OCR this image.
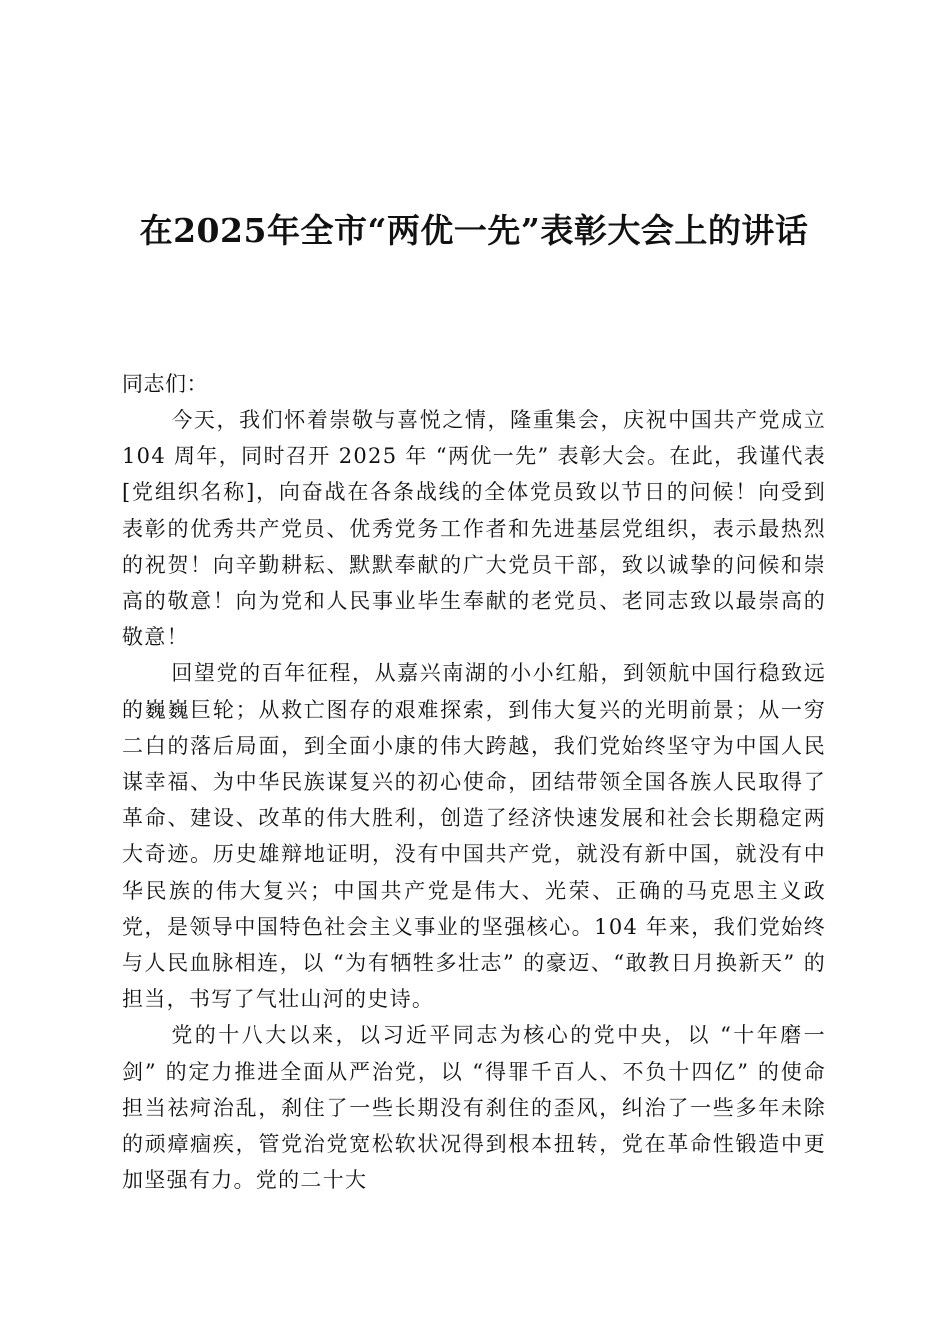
在2025年全市“两优一先”表彰大会上的讲话

同志们：

今天，我们怀着崇敬与喜悦之情，隆重集会，庆祝中国共产党成立 104 周年，同时召开 2025 年 “两优一先” 表彰大会。在此，我谨代表 [党组织名称]，向奋战在各条战线的全体党员致以节日的问候！向受到表彰的优秀共产党员、优秀党务工作者和先进基层党组织，表示最热烈的祝贺！向辛勤耕耘、默默奉献的广大党员干部，致以诚挚的问候和崇高的敬意！向为党和人民事业毕生奉献的老党员、老同志致以最崇高的敬意！

回望党的百年征程，从嘉兴南湖的小小红船，到领航中国行稳致远的巍巍巨轮；从救亡图存的艰难探索，到伟大复兴的光明前景；从一穷二白的落后局面，到全面小康的伟大跨越，我们党始终坚守为中国人民谋幸福、为中华民族谋复兴的初心使命，团结带领全国各族人民取得了革命、建设、改革的伟大胜利，创造了经济快速发展和社会长期稳定两大奇迹。历史雄辩地证明，没有中国共产党，就没有新中国，就没有中华民族的伟大复兴；中国共产党是伟大、光荣、正确的马克思主义政党，是领导中国特色社会主义事业的坚强核心。104 年来，我们党始终与人民血脉相连，以 “为有牺牲多壮志” 的豪迈、“敢教日月换新天” 的担当，书写了气壮山河的史诗。

党的十八大以来，以习近平同志为核心的党中央，以 “十年磨一剑” 的定力推进全面从严治党，以 “得罪千百人、不负十四亿” 的使命担当祛疴治乱，刹住了一些长期没有刹住的歪风，纠治了一些多年未除的顽瘴痼疾，管党治党宽松软状况得到根本扭转，党在革命性锻造中更加坚强有力。党的二十大
